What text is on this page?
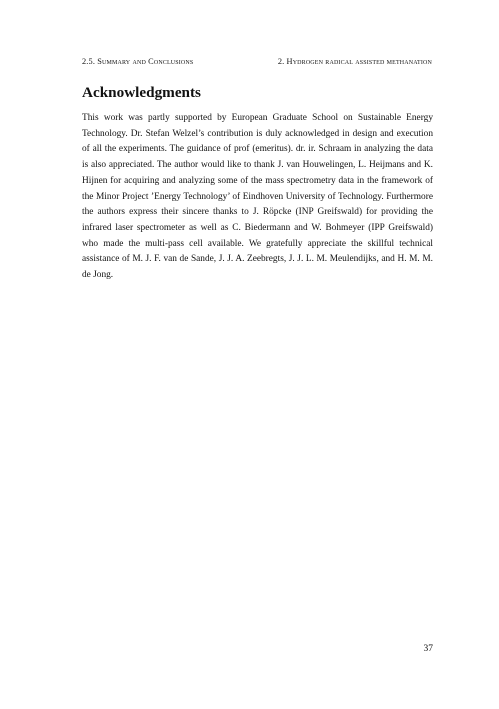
2.5. Summary and Conclusions	2. Hydrogen radical assisted methanation
Acknowledgments

This work was partly supported by European Graduate School on Sustainable Energy Technology. Dr. Stefan Welzel’s contribution is duly acknowledged in design and execution of all the experiments. The guidance of prof (emeritus). dr. ir. Schraam in analyzing the data is also appreciated. The author would like to thank J. van Houwelingen, L. Heijmans and K. Hijnen for acquiring and analyzing some of the mass spectrometry data in the framework of the Minor Project ’Energy Technology’ of Eindhoven University of Technology. Furthermore the authors express their sincere thanks to J. Röpcke (INP Greifswald) for providing the infrared laser spectrometer as well as C. Biedermann and W. Bohmeyer (IPP Greifswald) who made the multi-pass cell available. We gratefully appreciate the skillful technical assistance of M. J. F. van de Sande, J. J. A. Zeebregts, J. J. L. M. Meulendijks, and H. M. M. de Jong.

37
